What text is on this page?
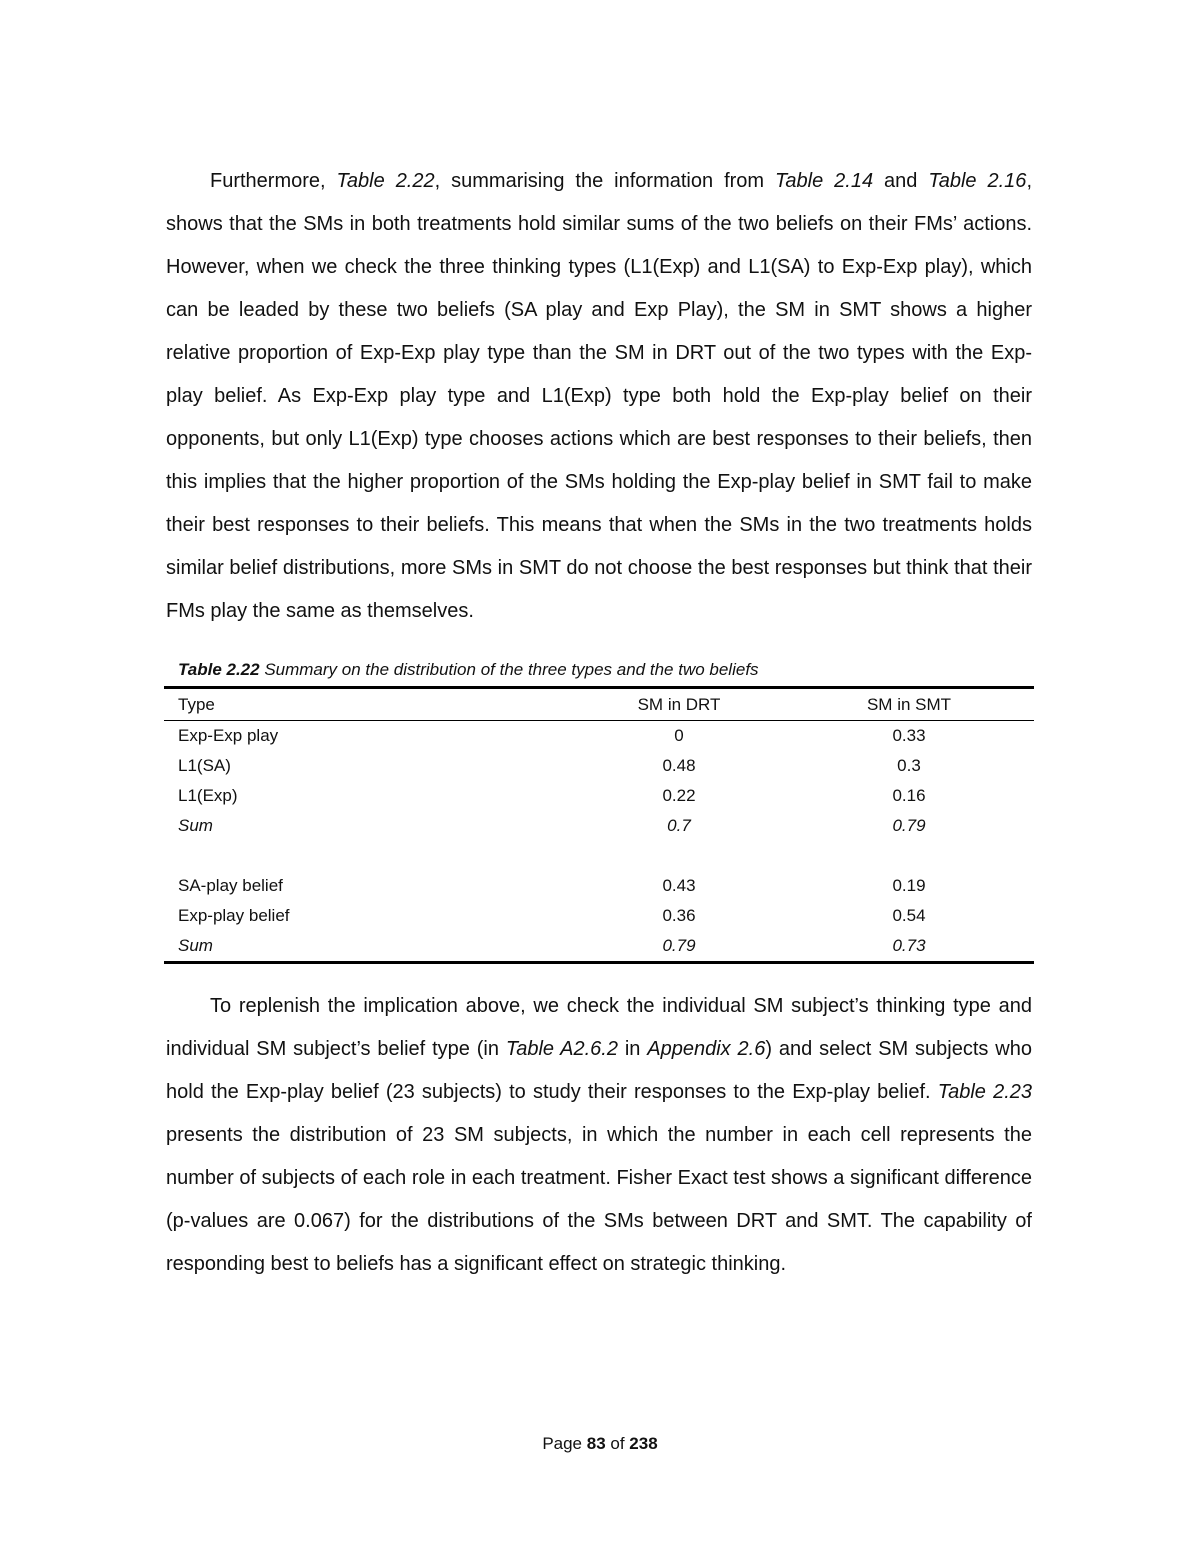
Furthermore, Table 2.22, summarising the information from Table 2.14 and Table 2.16, shows that the SMs in both treatments hold similar sums of the two beliefs on their FMs’ actions. However, when we check the three thinking types (L1(Exp) and L1(SA) to Exp-Exp play), which can be leaded by these two beliefs (SA play and Exp Play), the SM in SMT shows a higher relative proportion of Exp-Exp play type than the SM in DRT out of the two types with the Exp-play belief. As Exp-Exp play type and L1(Exp) type both hold the Exp-play belief on their opponents, but only L1(Exp) type chooses actions which are best responses to their beliefs, then this implies that the higher proportion of the SMs holding the Exp-play belief in SMT fail to make their best responses to their beliefs. This means that when the SMs in the two treatments holds similar belief distributions, more SMs in SMT do not choose the best responses but think that their FMs play the same as themselves.

Table 2.22 Summary on the distribution of the three types and the two beliefs

Type	SM in DRT	SM in SMT
Exp-Exp play	0	0.33
L1(SA)	0.48	0.3
L1(Exp)	0.22	0.16
Sum	0.7	0.79

SA-play belief	0.43	0.19
Exp-play belief	0.36	0.54
Sum	0.79	0.73

To replenish the implication above, we check the individual SM subject’s thinking type and individual SM subject’s belief type (in Table A2.6.2 in Appendix 2.6) and select SM subjects who hold the Exp-play belief (23 subjects) to study their responses to the Exp-play belief. Table 2.23 presents the distribution of 23 SM subjects, in which the number in each cell represents the number of subjects of each role in each treatment. Fisher Exact test shows a significant difference (p-values are 0.067) for the distributions of the SMs between DRT and SMT. The capability of responding best to beliefs has a significant effect on strategic thinking.

Page 83 of 238
